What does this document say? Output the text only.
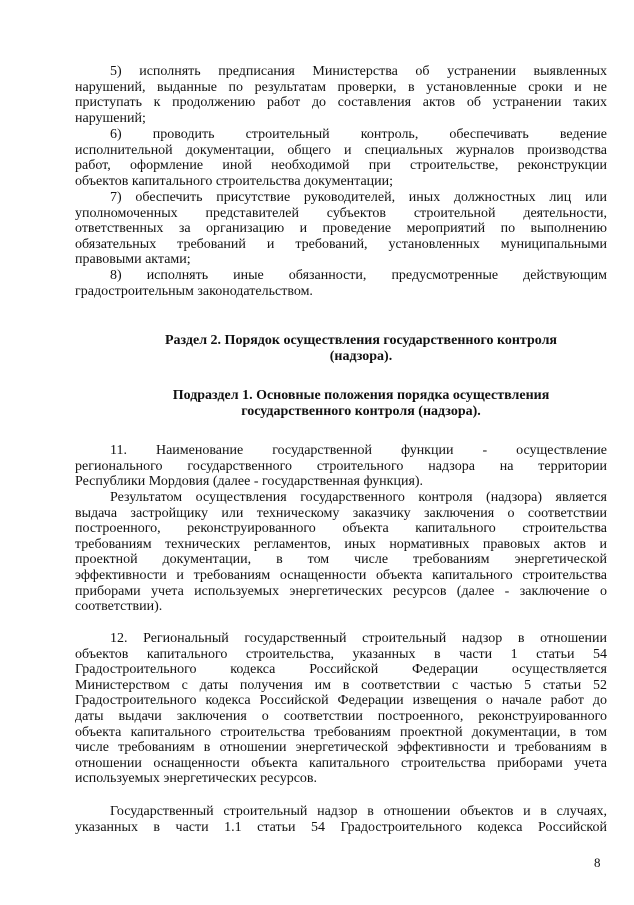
5) исполнять предписания Министерства об устранении выявленных
нарушений, выданные по результатам проверки, в установленные сроки и не
приступать к продолжению работ до составления актов об устранении таких
нарушений;
6) проводить строительный контроль, обеспечивать ведение
исполнительной документации, общего и специальных журналов производства
работ, оформление иной необходимой при строительстве, реконструкции
объектов капитального строительства документации;
7) обеспечить присутствие руководителей, иных должностных лиц или
уполномоченных представителей субъектов строительной деятельности,
ответственных за организацию и проведение мероприятий по выполнению
обязательных требований и требований, установленных муниципальными
правовыми актами;
8) исполнять иные обязанности, предусмотренные действующим
градостроительным законодательством.
Раздел 2. Порядок осуществления государственного контроля
(надзора).
Подраздел 1. Основные положения порядка осуществления
государственного контроля (надзора).
11. Наименование государственной функции - осуществление
регионального государственного строительного надзора на территории
Республики Мордовия (далее - государственная функция).
Результатом осуществления государственного контроля (надзора) является
выдача застройщику или техническому заказчику заключения о соответствии
построенного, реконструированного объекта капитального строительства
требованиям технических регламентов, иных нормативных правовых актов и
проектной документации, в том числе требованиям энергетической
эффективности и требованиям оснащенности объекта капитального строительства
приборами учета используемых энергетических ресурсов (далее - заключение о
соответствии).
12. Региональный государственный строительный надзор в отношении
объектов капитального строительства, указанных в части 1 статьи 54
Градостроительного кодекса Российской Федерации осуществляется
Министерством с даты получения им в соответствии с частью 5 статьи 52
Градостроительного кодекса Российской Федерации извещения о начале работ до
даты выдачи заключения о соответствии построенного, реконструированного
объекта капитального строительства требованиям проектной документации, в том
числе требованиям в отношении энергетической эффективности и требованиям в
отношении оснащенности объекта капитального строительства приборами учета
используемых энергетических ресурсов.
Государственный строительный надзор в отношении объектов и в случаях,
указанных в части 1.1 статьи 54 Градостроительного кодекса Российской
8
